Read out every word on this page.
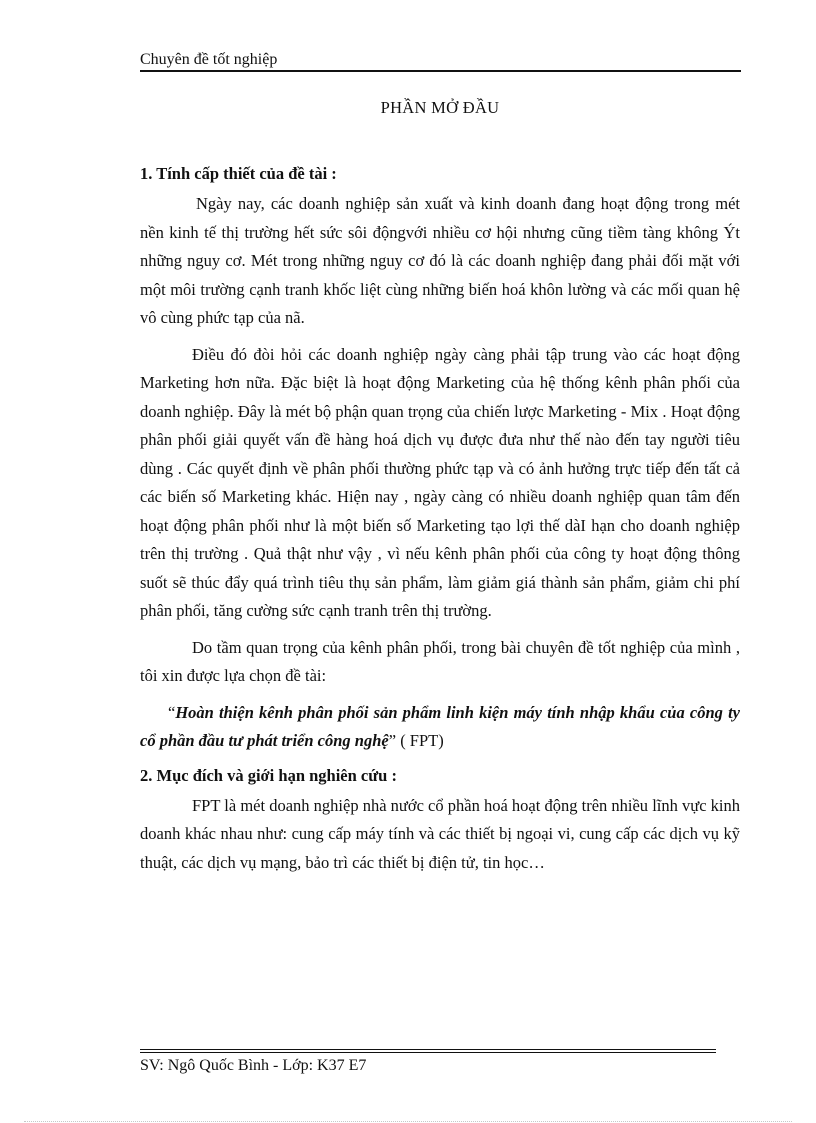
Chuyên đề tốt nghiệp
PHẦN MỞ ĐẦU
1. Tính cấp thiết của đề tài :

Ngày nay, các doanh nghiệp sản xuất và kinh doanh đang hoạt động trong mét nền kinh tế thị trường hết sức sôi độngvới nhiều cơ hội nhưng cũng tiềm tàng không Ýt những nguy cơ. Mét trong những nguy cơ đó là các doanh nghiệp đang phải đối mặt với một môi trường cạnh tranh khốc liệt cùng những biến hoá khôn lường và các mối quan hệ vô cùng phức tạp của nã.

Điều đó đòi hỏi các doanh nghiệp ngày càng phải tập trung vào các hoạt động Marketing hơn nữa. Đặc biệt là hoạt động Marketing của hệ thống kênh phân phối của doanh nghiệp. Đây là mét bộ phận quan trọng của chiến lược Marketing - Mix . Hoạt động phân phối giải quyết vấn đề hàng hoá dịch vụ được đưa như thế nào đến tay người tiêu dùng . Các quyết định về phân phối thường phức tạp và có ảnh hưởng trực tiếp đến tất cả các biến số Marketing khác. Hiện nay , ngày càng có nhiều doanh nghiệp quan tâm đến hoạt động phân phối như là một biến số Marketing tạo lợi thế dàI hạn cho doanh nghiệp trên thị trường . Quả thật như vậy , vì nếu kênh phân phối của công ty hoạt động thông suốt sẽ thúc đẩy quá trình tiêu thụ sản phẩm, làm giảm giá thành sản phẩm, giảm chi phí phân phối, tăng cường sức cạnh tranh trên thị trường.

Do tầm quan trọng của kênh phân phối, trong bài chuyên đề tốt nghiệp của mình , tôi xin được lựa chọn đề tài:

“Hoàn thiện kênh phân phối sản phẩm linh kiện máy tính nhập khẩu của công ty cổ phần đầu tư phát triển công nghệ” ( FPT)

2. Mục đích và giới hạn nghiên cứu :

FPT là mét doanh nghiệp nhà nước cổ phần hoá hoạt động trên nhiều lĩnh vực kinh doanh khác nhau như: cung cấp máy tính và các thiết bị ngoại vi, cung cấp các dịch vụ kỹ thuật, các dịch vụ mạng, bảo trì các thiết bị điện tử, tin học…

SV: Ngô Quốc Bình - Lớp: K37 E7
